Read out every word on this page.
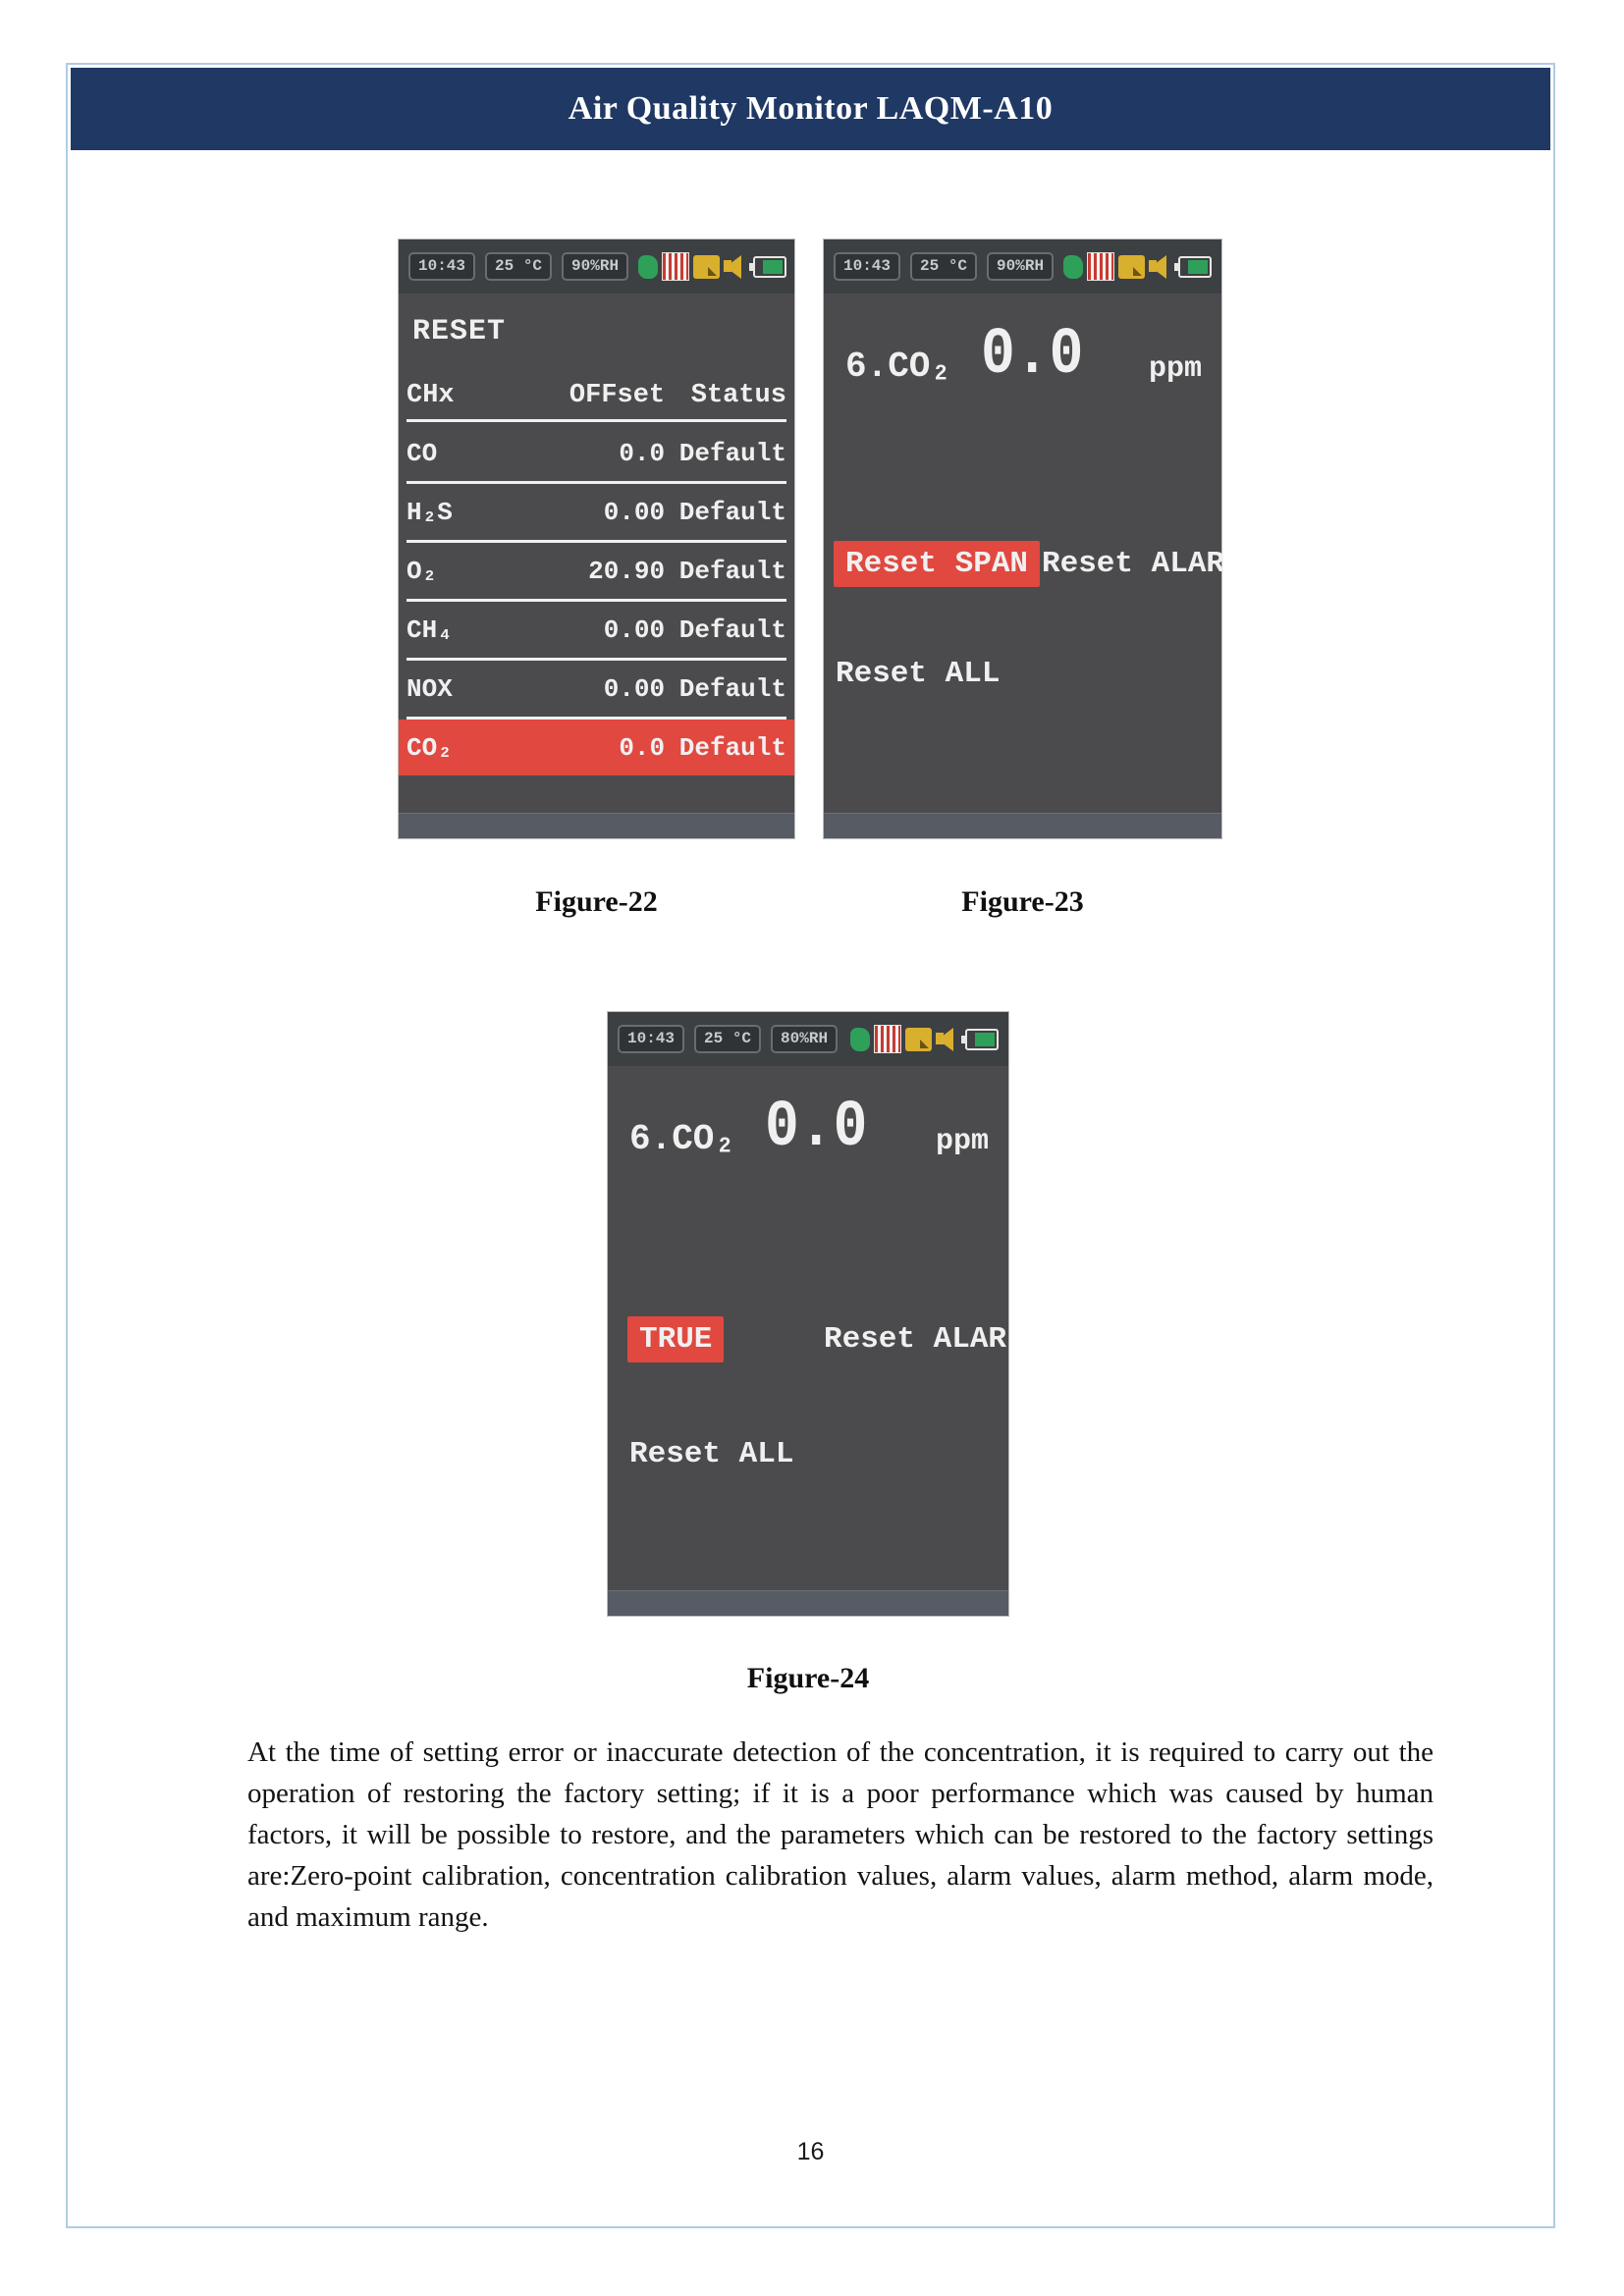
Air Quality Monitor LAQM-A10
10:43	25 °C	90%RH
RESET
CHx	OFFset Status
CO	0.0 Default
H₂S	0.00 Default
O₂	20.90 Default
CH₄	0.00 Default
NOX	0.00 Default
CO₂	0.0 Default
10:43	25 °C	90%RH
6.CO₂ 0.0 ppm
Reset SPAN Reset ALAR
Reset ALL
Figure-22	Figure-23
10:43	25 °C	80%RH
6.CO₂ 0.0 ppm
TRUE	Reset ALAR
Reset ALL
Figure-24
At the time of setting error or inaccurate detection of the concentration, it is required to carry out the operation of restoring the factory setting; if it is a poor performance which was caused by human factors, it will be possible to restore, and the parameters which can be restored to the factory settings are:Zero-point calibration, concentration calibration values, alarm values, alarm method, alarm mode, and maximum range.
16
